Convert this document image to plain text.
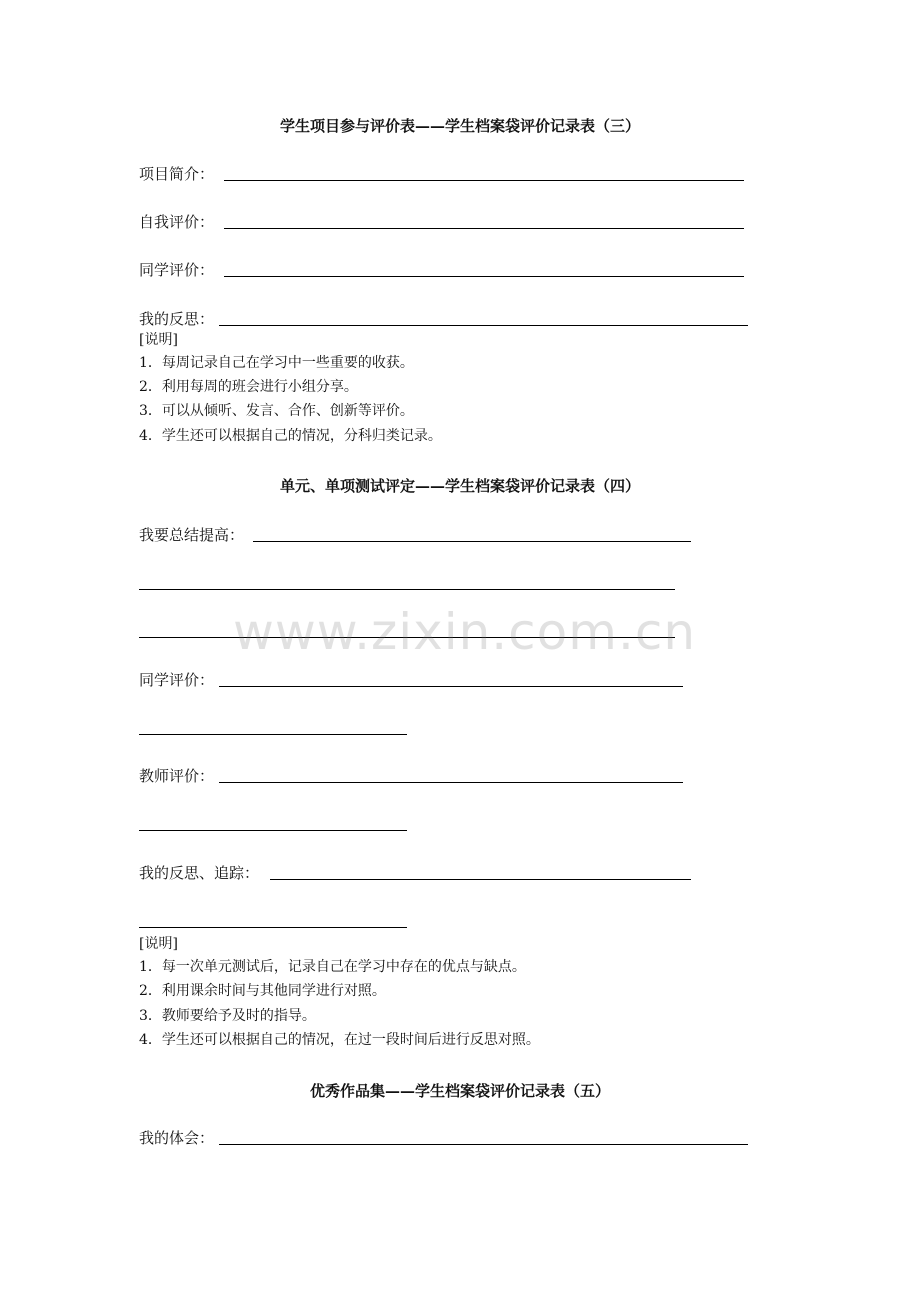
学生项目参与评价表——学生档案袋评价记录表（三）
项目简介：
自我评价：
同学评价：
我的反思：
[说明]
1．每周记录自己在学习中一些重要的收获。
2．利用每周的班会进行小组分享。
3．可以从倾听、发言、合作、创新等评价。
4．学生还可以根据自己的情况，分科归类记录。
单元、单项测试评定——学生档案袋评价记录表（四）
我要总结提高：
同学评价：
教师评价：
我的反思、追踪：
[说明]
1．每一次单元测试后，记录自己在学习中存在的优点与缺点。
2．利用课余时间与其他同学进行对照。
3．教师要给予及时的指导。
4．学生还可以根据自己的情况，在过一段时间后进行反思对照。
优秀作品集——学生档案袋评价记录表（五）
我的体会：
www.zixin.com.cn
